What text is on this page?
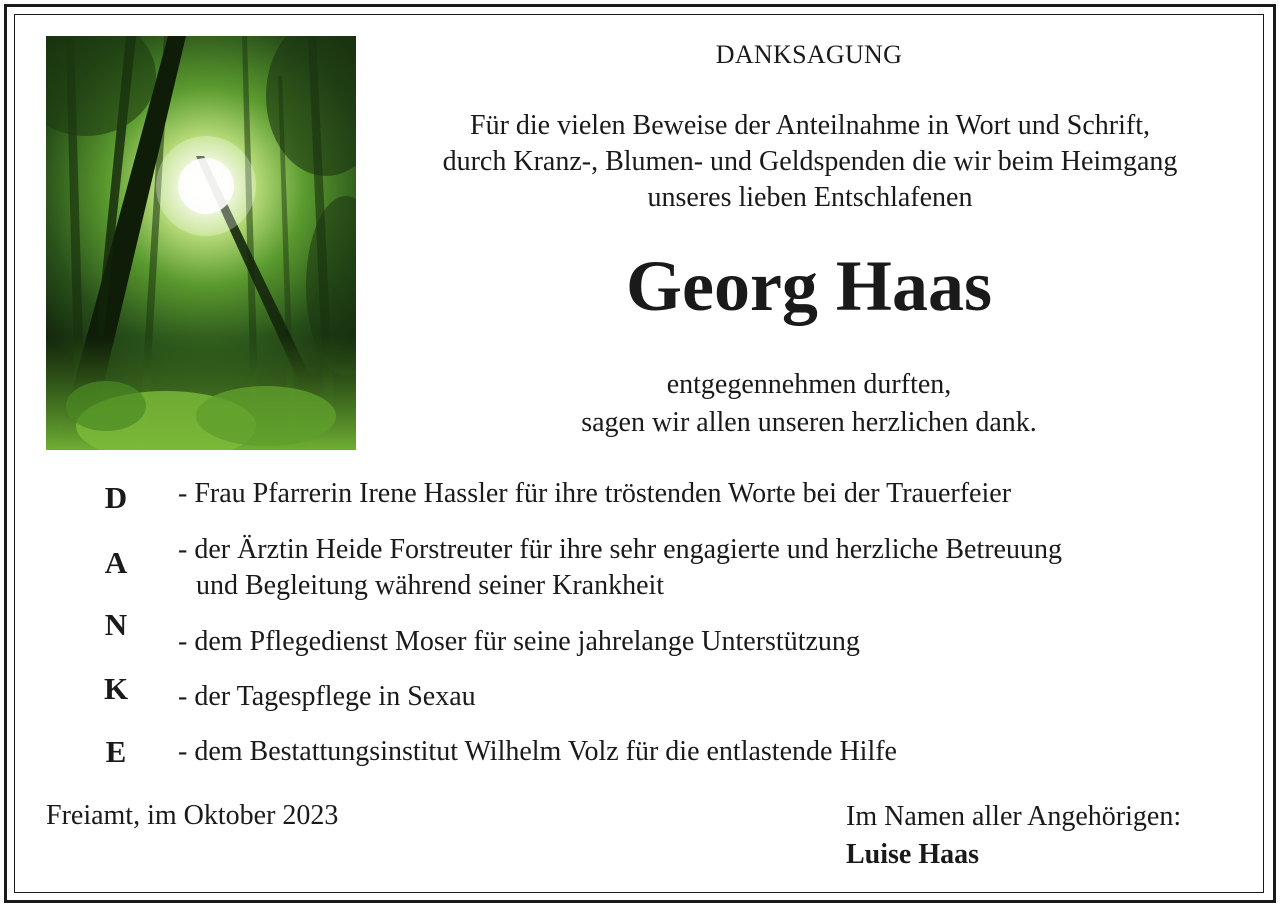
DANKSAGUNG
Für die vielen Beweise der Anteilnahme in Wort und Schrift,
durch Kranz-, Blumen- und Geldspenden die wir beim Heimgang
unseres lieben Entschlafenen
Georg Haas
entgegennehmen durften,
sagen wir allen unseren herzlichen dank.
D
A
N
K
E
- Frau Pfarrerin Irene Hassler für ihre tröstenden Worte bei der Trauerfeier
- der Ärztin Heide Forstreuter für ihre sehr engagierte und herzliche Betreuung
und Begleitung während seiner Krankheit
- dem Pflegedienst Moser für seine jahrelange Unterstützung
- der Tagespflege in Sexau
- dem Bestattungsinstitut Wilhelm Volz für die entlastende Hilfe
Freiamt, im Oktober 2023	Im Namen aller Angehörigen:
Luise Haas
